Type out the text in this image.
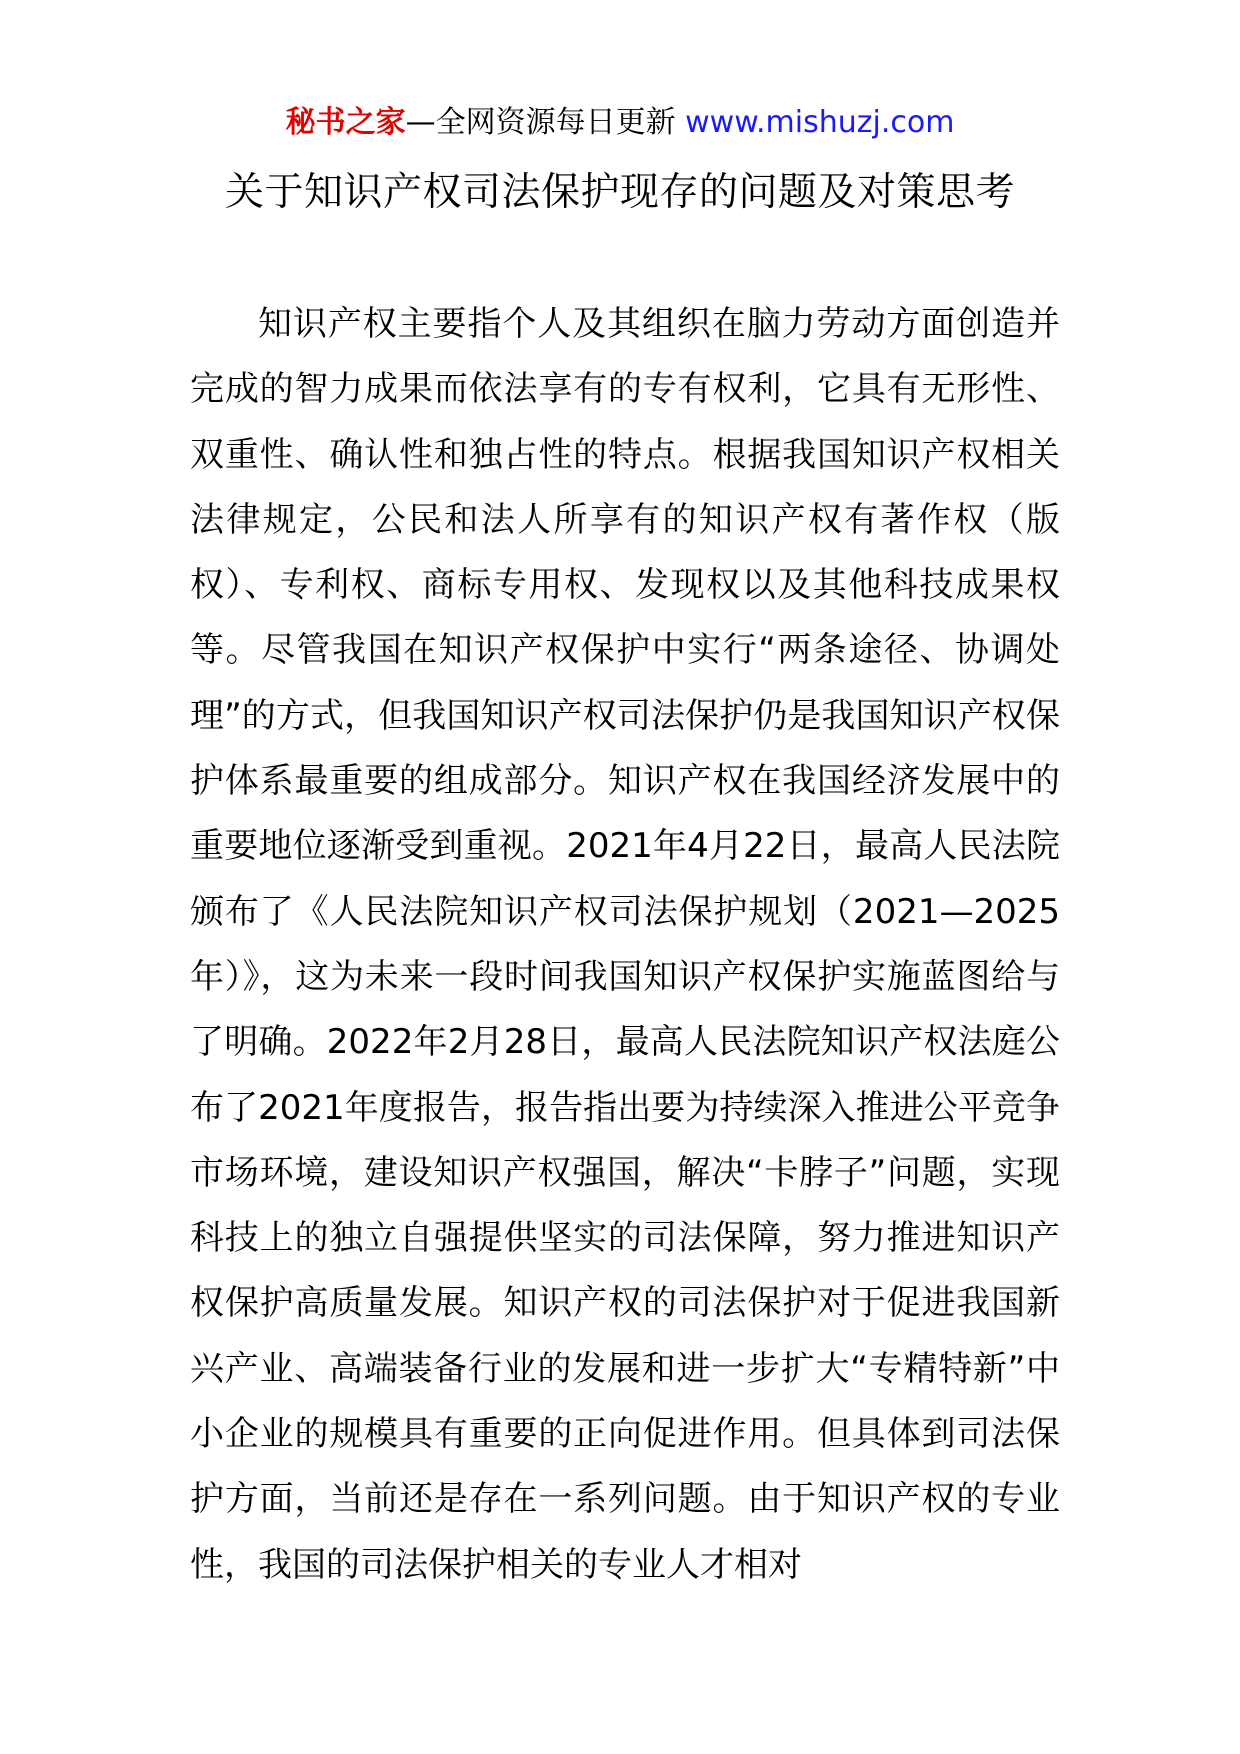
秘书之家—全网资源每日更新 www.mishuzj.com
关于知识产权司法保护现存的问题及对策思考

知识产权主要指个人及其组织在脑力劳动方面创造并完成的智力成果而依法享有的专有权利，它具有无形性、双重性、确认性和独占性的特点。根据我国知识产权相关法律规定，公民和法人所享有的知识产权有著作权（版权）、专利权、商标专用权、发现权以及其他科技成果权等。尽管我国在知识产权保护中实行“两条途径、协调处理”的方式，但我国知识产权司法保护仍是我国知识产权保护体系最重要的组成部分。知识产权在我国经济发展中的重要地位逐渐受到重视。2021年4月22日，最高人民法院颁布了《人民法院知识产权司法保护规划（2021—2025年）》，这为未来一段时间我国知识产权保护实施蓝图给与了明确。2022年2月28日，最高人民法院知识产权法庭公布了2021年度报告，报告指出要为持续深入推进公平竞争市场环境，建设知识产权强国，解决“卡脖子”问题，实现科技上的独立自强提供坚实的司法保障，努力推进知识产权保护高质量发展。知识产权的司法保护对于促进我国新兴产业、高端装备行业的发展和进一步扩大“专精特新”中小企业的规模具有重要的正向促进作用。但具体到司法保护方面，当前还是存在一系列问题。由于知识产权的专业性，我国的司法保护相关的专业人才相对
